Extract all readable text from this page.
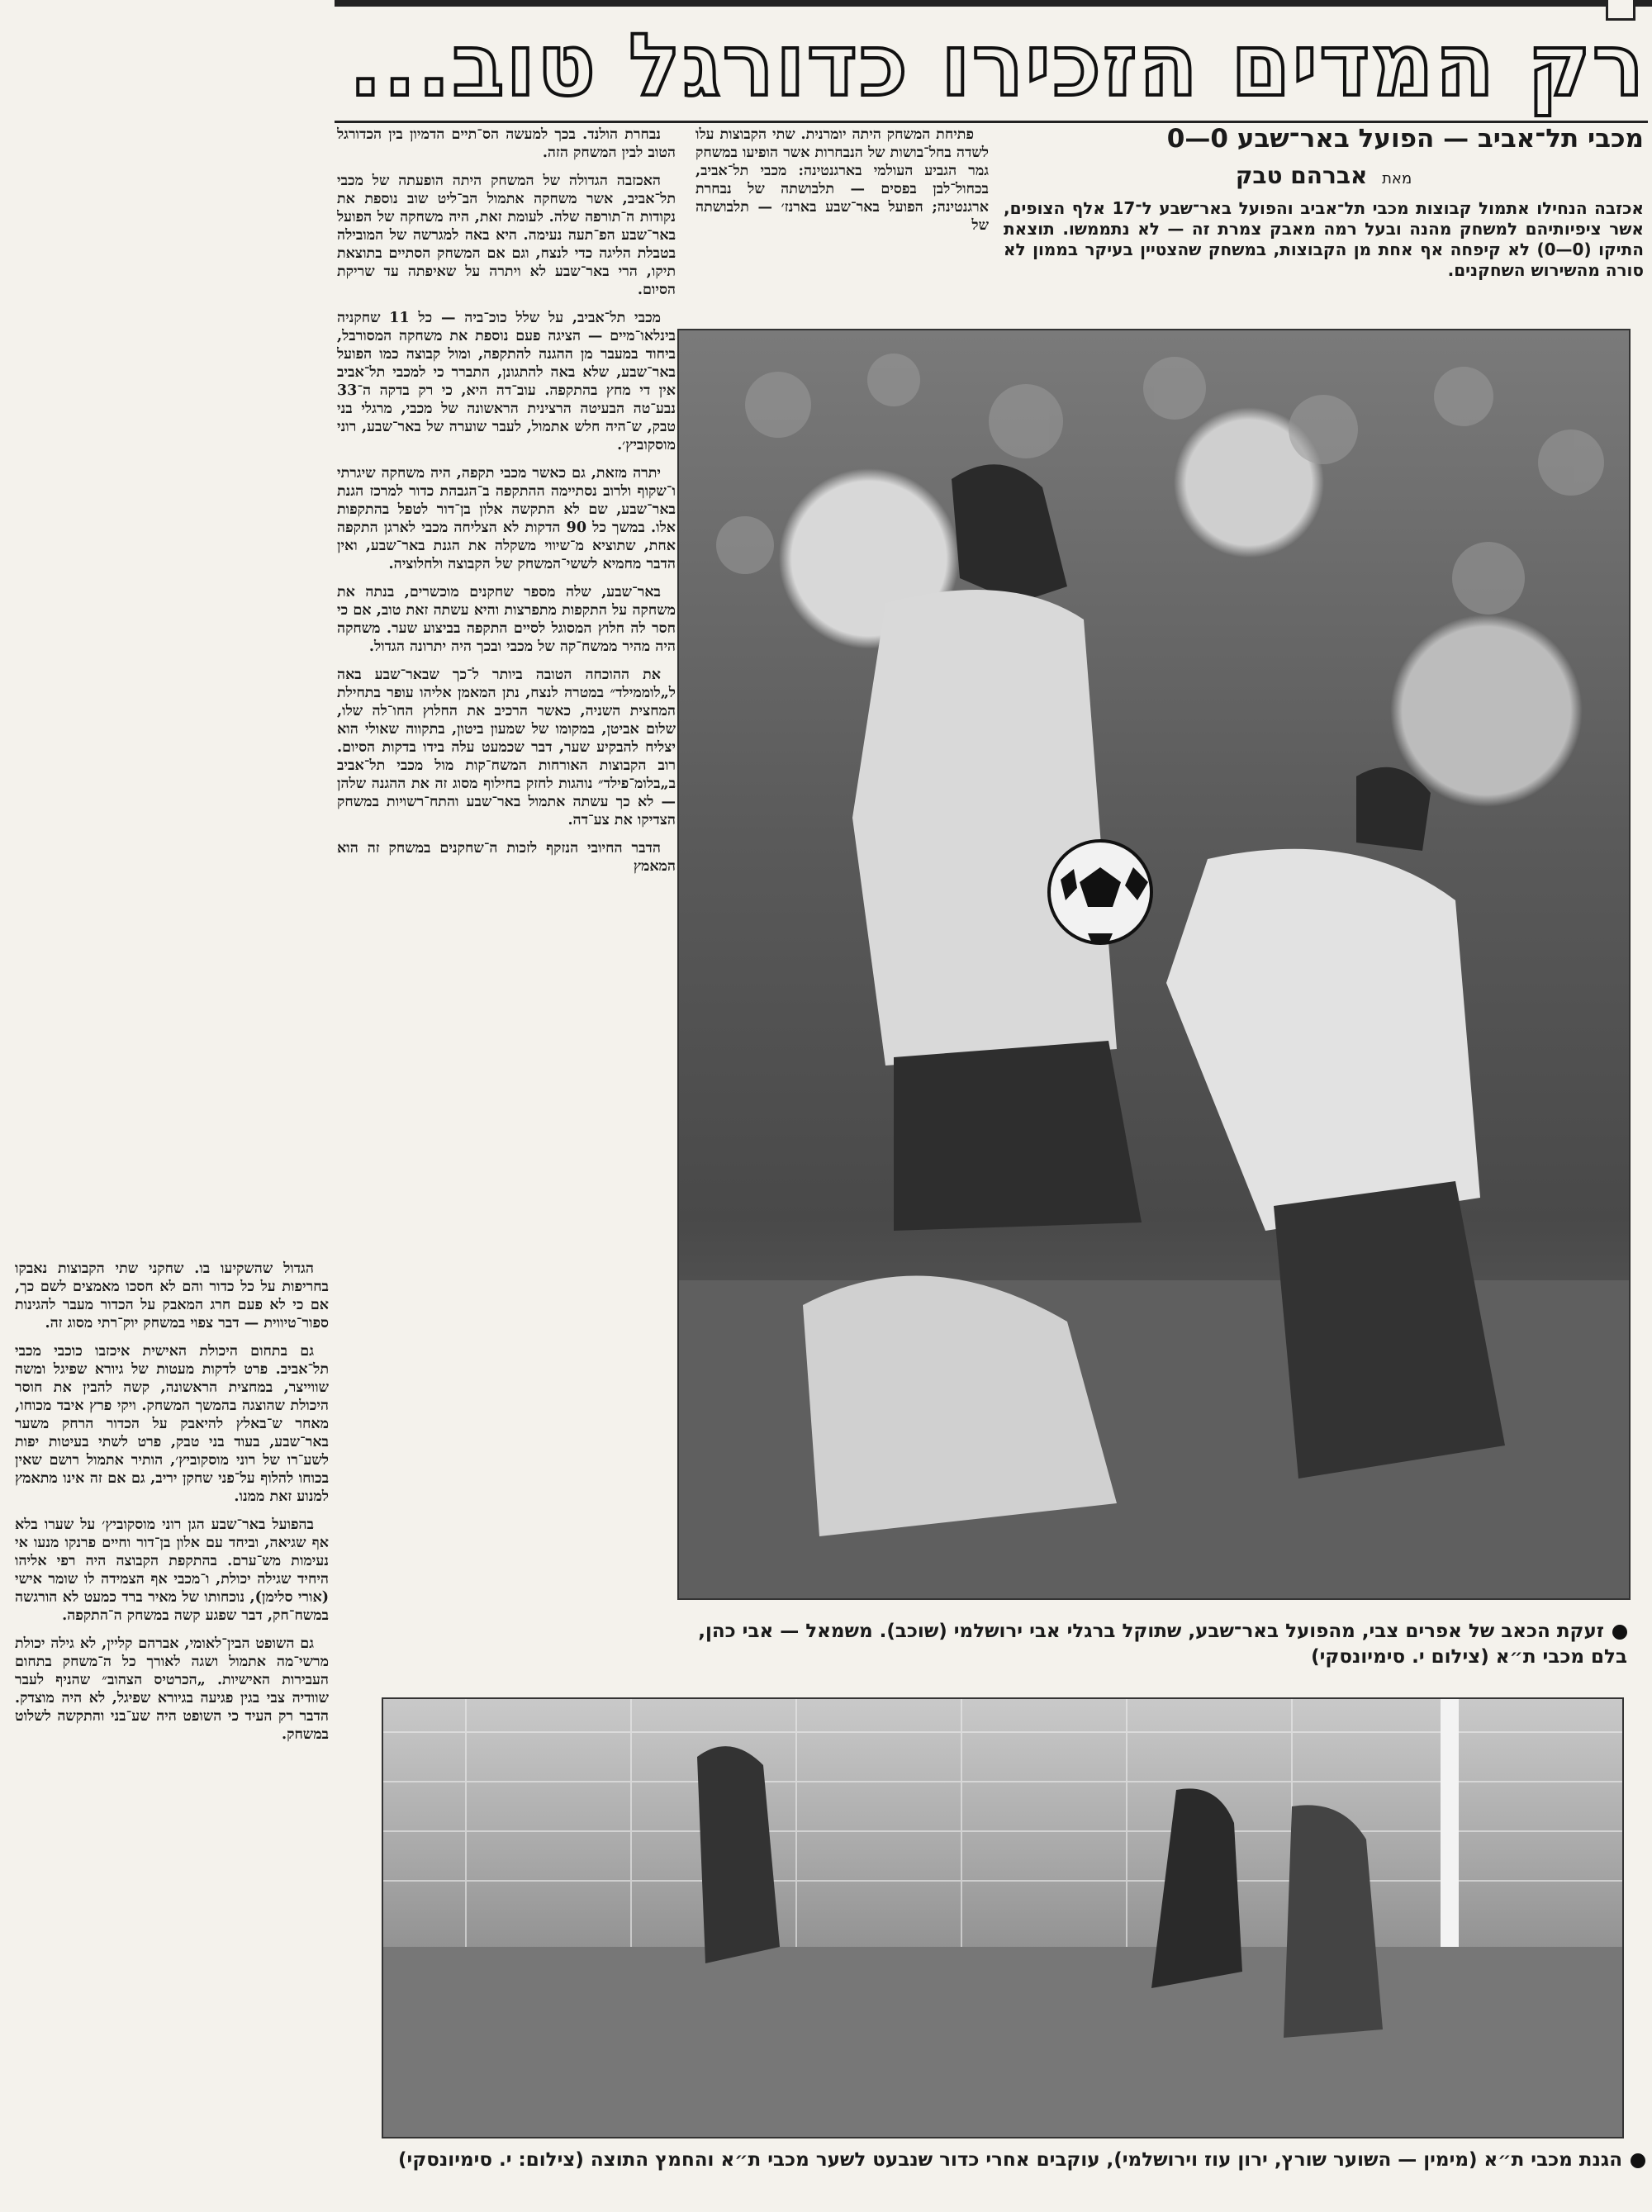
רק המדים הזכירו כדורגל טוב...
מכבי תל־אביב — הפועל באר־שבע 0—0
מאת אברהם טבק
אכזבה הנחילו אתמול קבוצות מכבי תל־אביב והפועל באר־שבע ל־17 אלף הצופים, אשר ציפיותיהם למשחק מהנה ובעל רמה מאבק צמרת זה — לא נתממשו. תוצאת התיקו (0—0) לא קיפחה אף אחת מן הקבוצות, במשחק שהצטיין בעיקר בממון לא סורה מהשירוש השחקנים.

פתיחת המשחק היתה יומרנית. שתי הקבוצות עלו לשדה בחל־בושות של הנבחרות אשר הופיעו במשחק גמר הגביע העולמי בארגנטינה: מכבי תל־אביב, בכחול־לבן בפסים — תלבושתה של נבחרת ארגנטינה; הפועל באר־שבע בארנז׳ — תלבושתה של

נבחרת הולנד. בכך למעשה הס־תיים הדמיון בין הכדורגל הטוב לבין המשחק הזה.

האכזבה הגדולה של המשחק היתה הופעתה של מכבי תל־אביב, אשר משחקה אתמול הב־ליט שוב נוספת את נקודות ה־תורפה שלה. לעומת זאת, היה משחקה של הפועל באר־שבע הפ־תעה נעימה. היא באה למגרשה של המובילה בטבלת הליגה כדי לנצח, וגם אם המשחק הסתיים בתוצאת תיקו, הרי באר־שבע לא ויתרה על שאיפתה עד שריקת הסיום.

מכבי תל־אביב, על שלל כוכ־ביה — כל 11 שחקניה בינלאו־מיים — הציגה פעם נוספת את משחקה המסורבל, ביחוד במעבר מן ההגנה להתקפה, ומול קבוצה כמו הפועל באר־שבע, שלא באה להתגונן, התברר כי למכבי תל־אביב אין די מחץ בהתקפה. עוב־דה היא, כי רק בדקה ה־33 נבע־טה הבעיטה הרצינית הראשונה של מכבי, מרגלי בני טבק, ש־היה חלש אתמול, לעבר שוערה של באר־שבע, רוני מוסקוביץ׳.

יתרה מזאת, גם כאשר מכבי תקפה, היה משחקה שיגרתי ו־שקוף ולרוב נסתיימה ההתקפה ב־הגבהת כדור למרכז הגנת באר־שבע, שם לא התקשה אלון בן־דור לטפל בהתקפות אלו. במשך כל 90 הדקות לא הצליחה מכבי לארגן התקפה אחת, שתוציא מ־שיווי משקלה את הגנת באר־שבע, ואין הדבר מחמיא לששי־המשחק של הקבוצה ולחלוציה.

באר־שבע, שלה מספר שחקנים מוכשרים, בנתה את משחקה על התקפות מתפרצות והיא עשתה זאת טוב, אם כי חסר לה חלוץ המסוגל לסיים התקפה בביצוע שער. משחקה היה מהיר ממשח־קה של מכבי ובכך היה יתרונה הגדול.

את ההוכחה הטובה ביותר ל־כך שבאר־שבע באה ל„לוממילד״ במטרה לנצח, נתן המאמן אליהו עופר בתחילת המחצית השניה, כאשר הרכיב את החלוץ החו־לה שלו, שלום אביטן, במקומו של שמעון ביטון, בתקווה שאולי הוא יצליח להבקיע שער, דבר שכמעט עלה בידו בדקות הסיום. רוב הקבוצות האורחות המשח־קות מול מכבי תל־אביב ב„בלומ־פילד״ נוהגות לחזק בחילוף מסוג זה את ההגנה שלהן — לא כך עשתה אתמול באר־שבע והתח־רשויות במשחק הצדיקו את צע־דה.

הדבר החיובי הנזקף לזכות ה־שחקנים במשחק זה הוא המאמץ

הגדול שהשקיעו בו. שחקני שתי הקבוצות נאבקו בחריפות על כל כדור והם לא חסכו מאמצים לשם כך, אם כי לא פעם חרג המאבק על הכדור מעבר להגינות ספור־טיווית — דבר צפוי במשחק יוק־רתי מסוג זה.

גם בתחום היכולת האישית איכזבו כוכבי מכבי תל־אביב. פרט לדקות מעטות של גיורא שפיגל ומשה שווייצר, במחצית הראשונה, קשה להבין את חוסר היכולת שהוצגה בהמשך המשחק. ויקי פרץ איבד מכוחו, מאחר ש־באלץ להיאבק על הכדור הרחק משער באר־שבע, בעוד בני טבק, פרט לשתי בעיטות יפות לשע־רו של רוני מוסקוביץ׳, הותיר אתמול רושם שאין בכוחו להלוף על־פני שחקן יריב, גם אם זה אינו מתאמץ למנוע זאת ממנו.

בהפועל באר־שבע הגן רוני מוסקוביץ׳ על שערו בלא אף שגיאה, וביחד עם אלון בן־דור וחיים פרנקו מנעו אי נעימות מש־ערם. בהתקפת הקבוצה היה רפי אליהו היחיד שגילה יכולת, ו־מכבי אף הצמידה לו שומר אישי (אורי סלימן), נוכחותו של מאיר ברד כמעט לא הורגשה במשח־חק, דבר שפגע קשה במשחק ה־התקפה.

גם השופט הבין־לאומי, אברהם קליין, לא גילה יכולת מרשי־מה אתמול ושגה לאורך כל ה־משחק בתחום העבירות האישיות. „הכרטיס הצהוב״ שהניף לעבר שוודיה צבי בגין פגיעה בגיורא שפיגל, לא היה מוצדק. הדבר רק העיד כי השופט היה שע־בני והתקשה לשלוט במשחק.

זעקת הכאב של אפרים צבי, מהפועל באר־שבע, שתוקל ברגלי אבי ירושלמי (שוכב). משמאל — אבי כהן, בלם מכבי ת״א (צילום י. סימיונסקי)
הגנת מכבי ת״א (מימין — השוער שורץ, ירון עוז וירושלמי), עוקבים אחרי כדור שנבעט לשער מכבי ת״א והחמץ התוצה (צילום: י. סימיונסקי)
